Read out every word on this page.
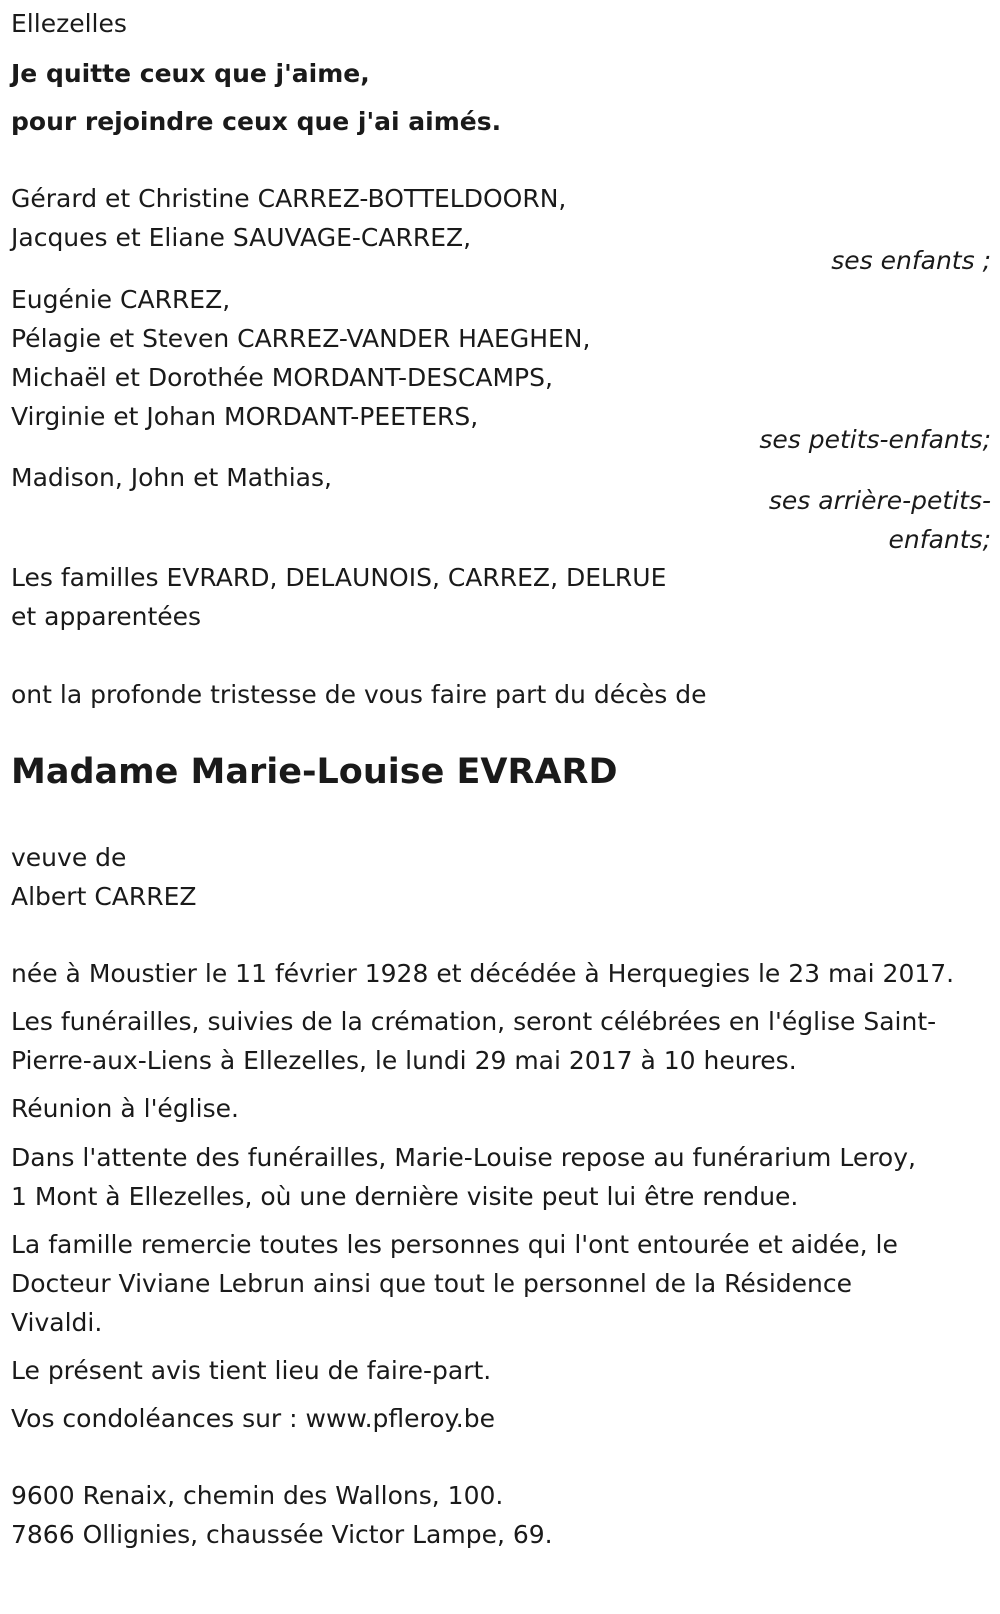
Ellezelles
Je quitte ceux que j'aime,
pour rejoindre ceux que j'ai aimés.
Gérard et Christine CARREZ-BOTTELDOORN,
Jacques et Eliane SAUVAGE-CARREZ,
ses enfants ;
Eugénie CARREZ,
Pélagie et Steven CARREZ-VANDER HAEGHEN,
Michaël et Dorothée MORDANT-DESCAMPS,
Virginie et Johan MORDANT-PEETERS,
ses petits-enfants;
Madison, John et Mathias,
ses arrière-petits-
enfants;
Les familles EVRARD, DELAUNOIS, CARREZ, DELRUE
et apparentées
ont la profonde tristesse de vous faire part du décès de
Madame Marie-Louise EVRARD
veuve de
Albert CARREZ
née à Moustier le 11 février 1928 et décédée à Herquegies le 23 mai 2017.
Les funérailles, suivies de la crémation, seront célébrées en l'église Saint-
Pierre-aux-Liens à Ellezelles, le lundi 29 mai 2017 à 10 heures.
Réunion à l'église.
Dans l'attente des funérailles, Marie-Louise repose au funérarium Leroy,
1 Mont à Ellezelles, où une dernière visite peut lui être rendue.
La famille remercie toutes les personnes qui l'ont entourée et aidée, le
Docteur Viviane Lebrun ainsi que tout le personnel de la Résidence
Vivaldi.
Le présent avis tient lieu de faire-part.
Vos condoléances sur : www.pfleroy.be
9600 Renaix, chemin des Wallons, 100.
7866 Ollignies, chaussée Victor Lampe, 69.
